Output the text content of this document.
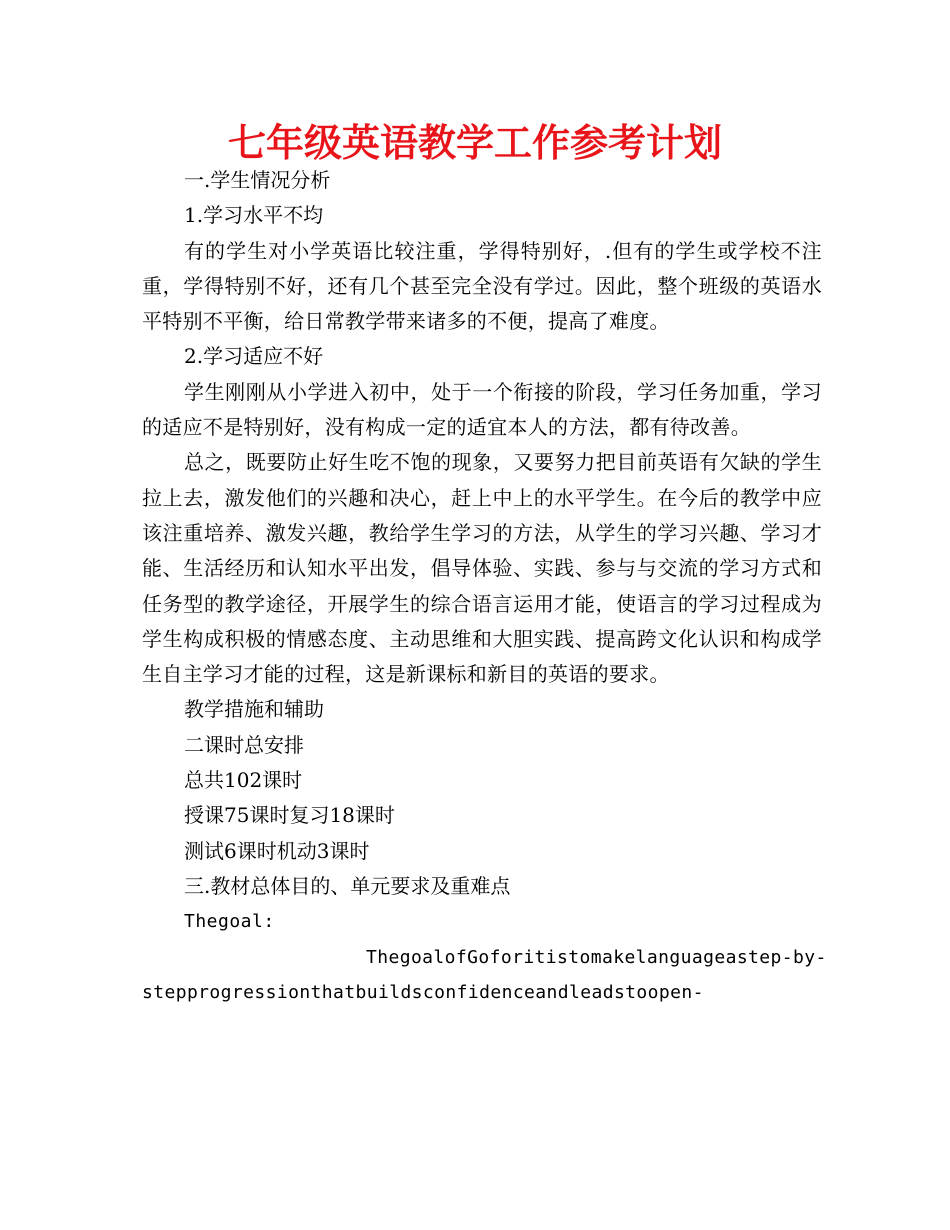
七年级英语教学工作参考计划

一.学生情况分析

1.学习水平不均

有的学生对小学英语比较注重，学得特别好，.但有的学生或学校不注重，学得特别不好，还有几个甚至完全没有学过。因此，整个班级的英语水平特别不平衡，给日常教学带来诸多的不便，提高了难度。

2.学习适应不好

学生刚刚从小学进入初中，处于一个衔接的阶段，学习任务加重，学习的适应不是特别好，没有构成一定的适宜本人的方法，都有待改善。

总之，既要防止好生吃不饱的现象，又要努力把目前英语有欠缺的学生拉上去，激发他们的兴趣和决心，赶上中上的水平学生。在今后的教学中应该注重培养、激发兴趣，教给学生学习的方法，从学生的学习兴趣、学习才能、生活经历和认知水平出发，倡导体验、实践、参与与交流的学习方式和任务型的教学途径，开展学生的综合语言运用才能，使语言的学习过程成为学生构成积极的情感态度、主动思维和大胆实践、提高跨文化认识和构成学生自主学习才能的过程，这是新课标和新目的英语的要求。

教学措施和辅助

二课时总安排

总共102课时

授课75课时复习18课时

测试6课时机动3课时

三.教材总体目的、单元要求及重难点

Thegoal:

ThegoalofGoforitistomakelanguageastep-by-

stepprogressionthatbuildsconfidenceandleadstoopen-
